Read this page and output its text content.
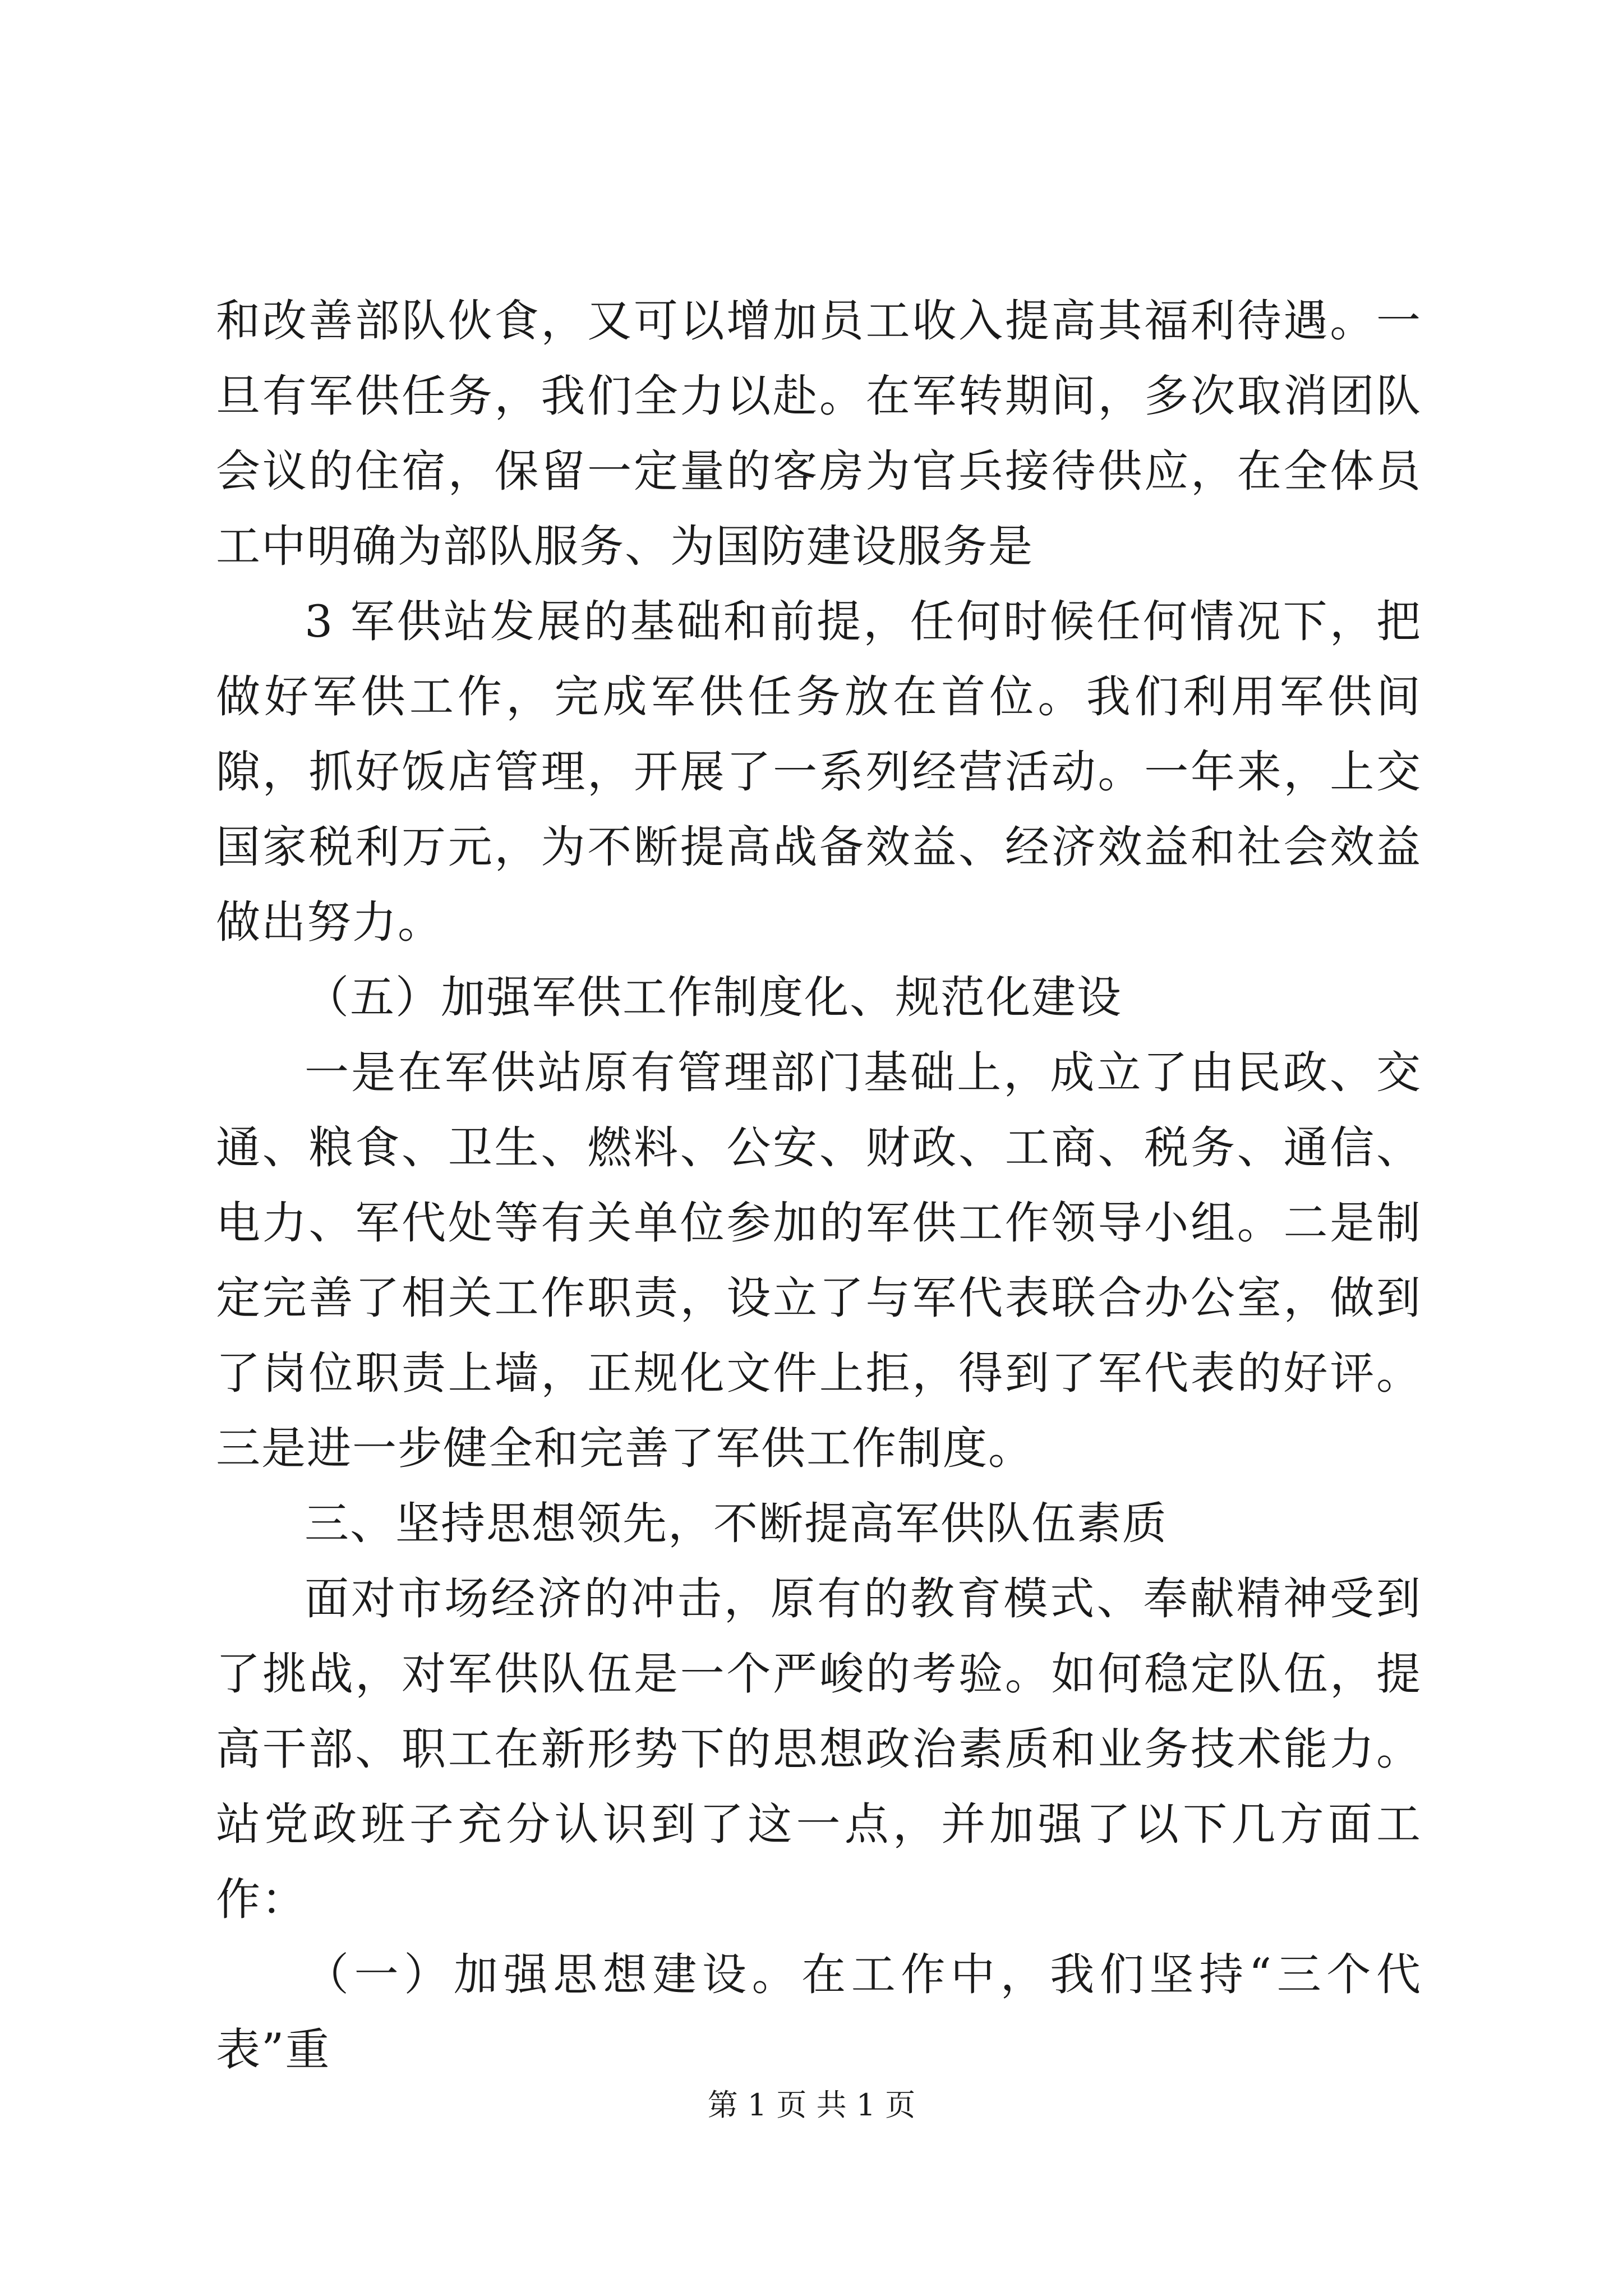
和改善部队伙食，又可以增加员工收入提高其福利待遇。一旦有军供任务，我们全力以赴。在军转期间，多次取消团队会议的住宿，保留一定量的客房为官兵接待供应，在全体员工中明确为部队服务、为国防建设服务是

3 军供站发展的基础和前提，任何时候任何情况下，把做好军供工作，完成军供任务放在首位。我们利用军供间隙，抓好饭店管理，开展了一系列经营活动。一年来，上交国家税利万元，为不断提高战备效益、经济效益和社会效益做出努力。

（五）加强军供工作制度化、规范化建设

一是在军供站原有管理部门基础上，成立了由民政、交通、粮食、卫生、燃料、公安、财政、工商、税务、通信、电力、军代处等有关单位参加的军供工作领导小组。二是制定完善了相关工作职责，设立了与军代表联合办公室，做到了岗位职责上墙，正规化文件上拒，得到了军代表的好评。三是进一步健全和完善了军供工作制度。

三、坚持思想领先，不断提高军供队伍素质

面对市场经济的冲击，原有的教育模式、奉献精神受到了挑战，对军供队伍是一个严峻的考验。如何稳定队伍，提高干部、职工在新形势下的思想政治素质和业务技术能力。站党政班子充分认识到了这一点，并加强了以下几方面工作：

（一）加强思想建设。在工作中，我们坚持“三个代表”重

第 1 页 共 1 页
